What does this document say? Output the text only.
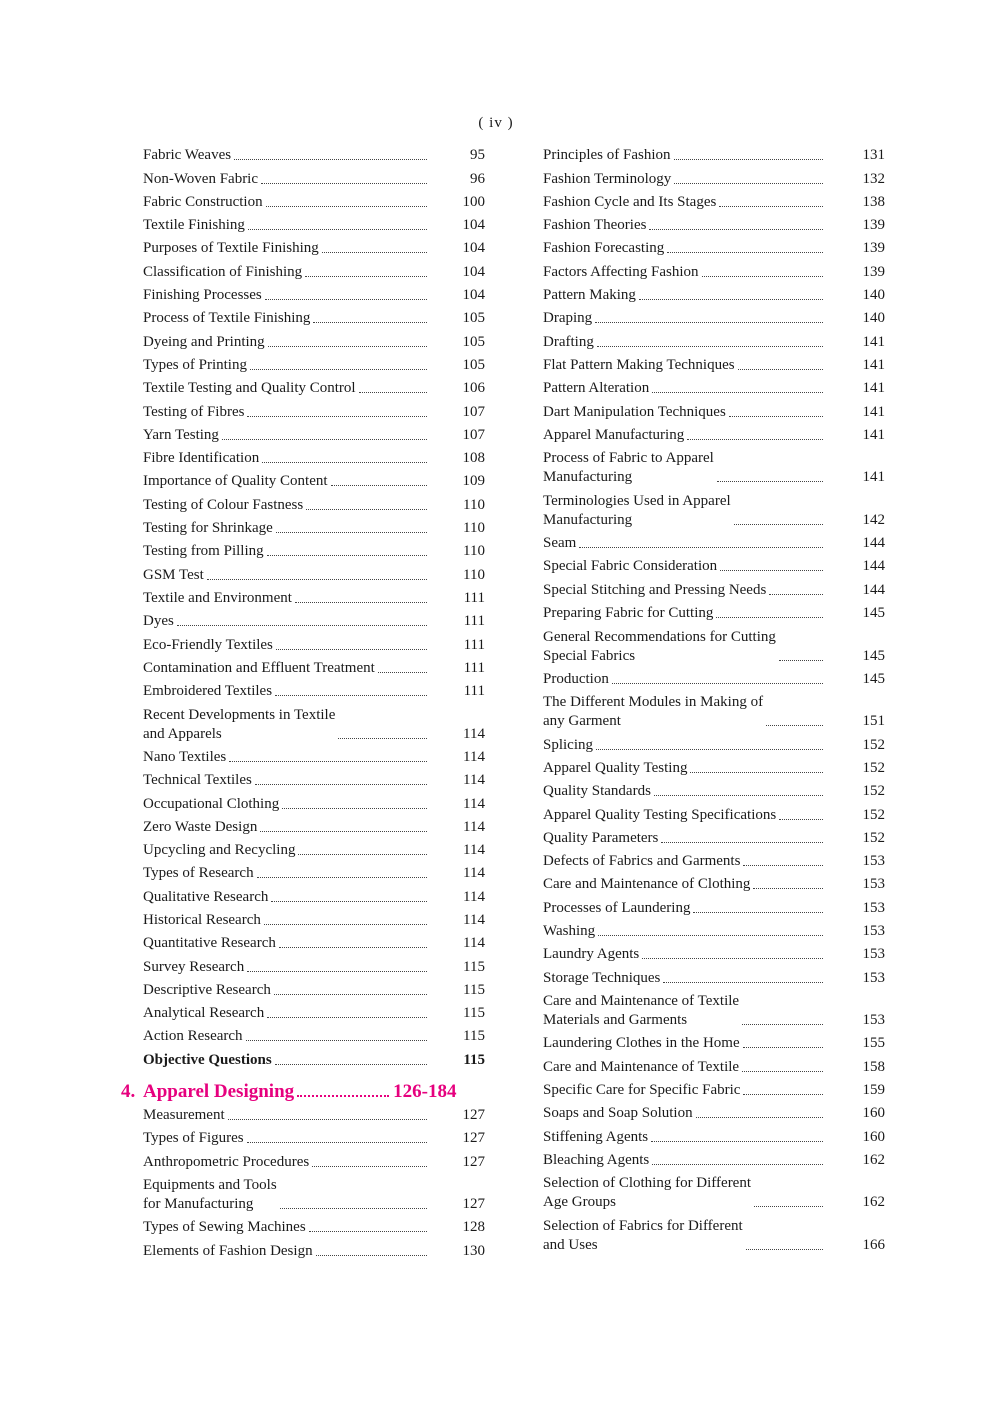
( iv )
Fabric Weaves	95
Non-Woven Fabric	96
Fabric Construction	100
Textile Finishing	104
Purposes of Textile Finishing	104
Classification of Finishing	104
Finishing Processes	104
Process of Textile Finishing	105
Dyeing and Printing	105
Types of Printing	105
Textile Testing and Quality Control	106
Testing of Fibres	107
Yarn Testing	107
Fibre Identification	108
Importance of Quality Content	109
Testing of Colour Fastness	110
Testing for Shrinkage	110
Testing from Pilling	110
GSM Test	110
Textile and Environment	111
Dyes	111
Eco-Friendly Textiles	111
Contamination and Effluent Treatment	111
Embroidered Textiles	111
Recent Developments in Textile
and Apparels	114
Nano Textiles	114
Technical Textiles	114
Occupational Clothing	114
Zero Waste Design	114
Upcycling and Recycling	114
Types of Research	114
Qualitative Research	114
Historical Research	114
Quantitative Research	114
Survey Research	115
Descriptive Research	115
Analytical Research	115
Action Research	115
Objective Questions	115
4. Apparel Designing	126-184
Measurement	127
Types of Figures	127
Anthropometric Procedures	127
Equipments and Tools
for Manufacturing	127
Types of Sewing Machines	128
Elements of Fashion Design	130
Principles of Fashion	131
Fashion Terminology	132
Fashion Cycle and Its Stages	138
Fashion Theories	139
Fashion Forecasting	139
Factors Affecting Fashion	139
Pattern Making	140
Draping	140
Drafting	141
Flat Pattern Making Techniques	141
Pattern Alteration	141
Dart Manipulation Techniques	141
Apparel Manufacturing	141
Process of Fabric to Apparel
Manufacturing	141
Terminologies Used in Apparel
Manufacturing	142
Seam	144
Special Fabric Consideration	144
Special Stitching and Pressing Needs	144
Preparing Fabric for Cutting	145
General Recommendations for Cutting
Special Fabrics	145
Production	145
The Different Modules in Making of
any Garment	151
Splicing	152
Apparel Quality Testing	152
Quality Standards	152
Apparel Quality Testing Specifications	152
Quality Parameters	152
Defects of Fabrics and Garments	153
Care and Maintenance of Clothing	153
Processes of Laundering	153
Washing	153
Laundry Agents	153
Storage Techniques	153
Care and Maintenance of Textile
Materials and Garments	153
Laundering Clothes in the Home	155
Care and Maintenance of Textile	158
Specific Care for Specific Fabric	159
Soaps and Soap Solution	160
Stiffening Agents	160
Bleaching Agents	162
Selection of Clothing for Different
Age Groups	162
Selection of Fabrics for Different
and Uses	166
